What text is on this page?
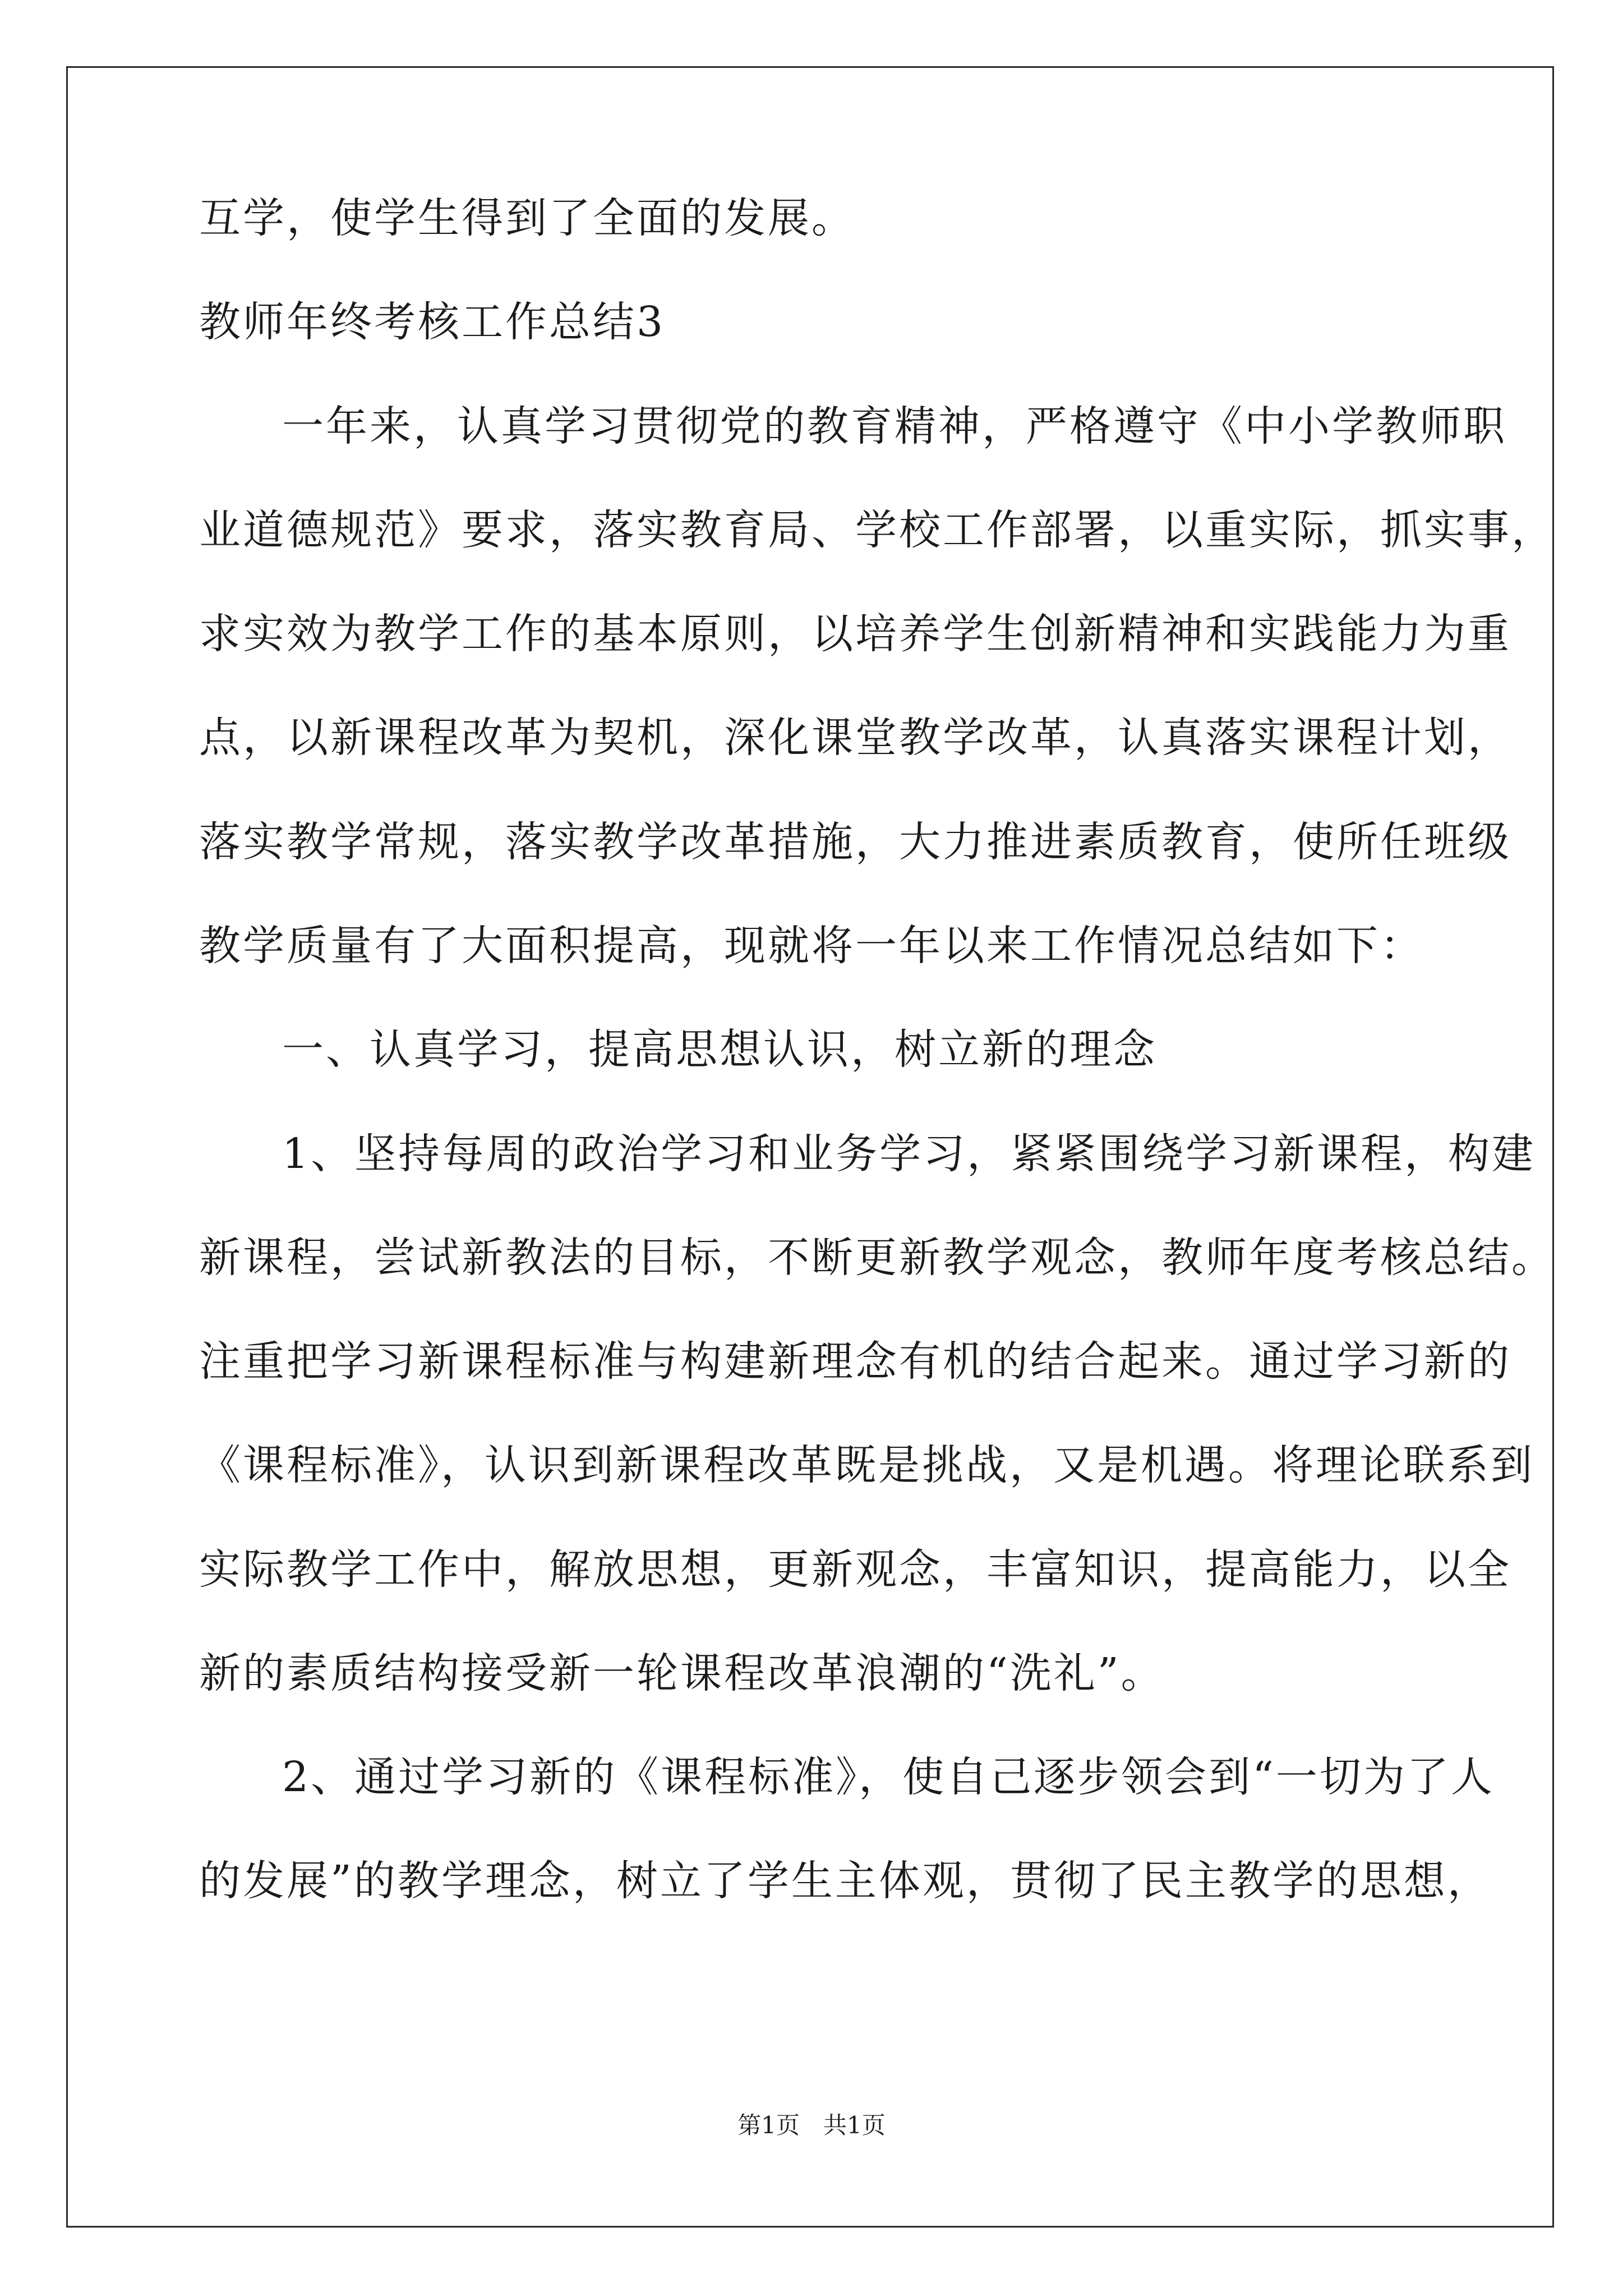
互学，使学生得到了全面的发展。
教师年终考核工作总结3
一年来，认真学习贯彻党的教育精神，严格遵守《中小学教师职
业道德规范》要求，落实教育局、学校工作部署，以重实际，抓实事，
求实效为教学工作的基本原则，以培养学生创新精神和实践能力为重
点，以新课程改革为契机，深化课堂教学改革，认真落实课程计划，
落实教学常规，落实教学改革措施，大力推进素质教育，使所任班级
教学质量有了大面积提高，现就将一年以来工作情况总结如下：
一、认真学习，提高思想认识，树立新的理念
1、坚持每周的政治学习和业务学习，紧紧围绕学习新课程，构建
新课程，尝试新教法的目标，不断更新教学观念，教师年度考核总结。
注重把学习新课程标准与构建新理念有机的结合起来。通过学习新的
《课程标准》，认识到新课程改革既是挑战，又是机遇。将理论联系到
实际教学工作中，解放思想，更新观念，丰富知识，提高能力，以全
新的素质结构接受新一轮课程改革浪潮的“洗礼”。
2、通过学习新的《课程标准》，使自己逐步领会到“一切为了人
的发展”的教学理念，树立了学生主体观，贯彻了民主教学的思想，
第1页　共1页
